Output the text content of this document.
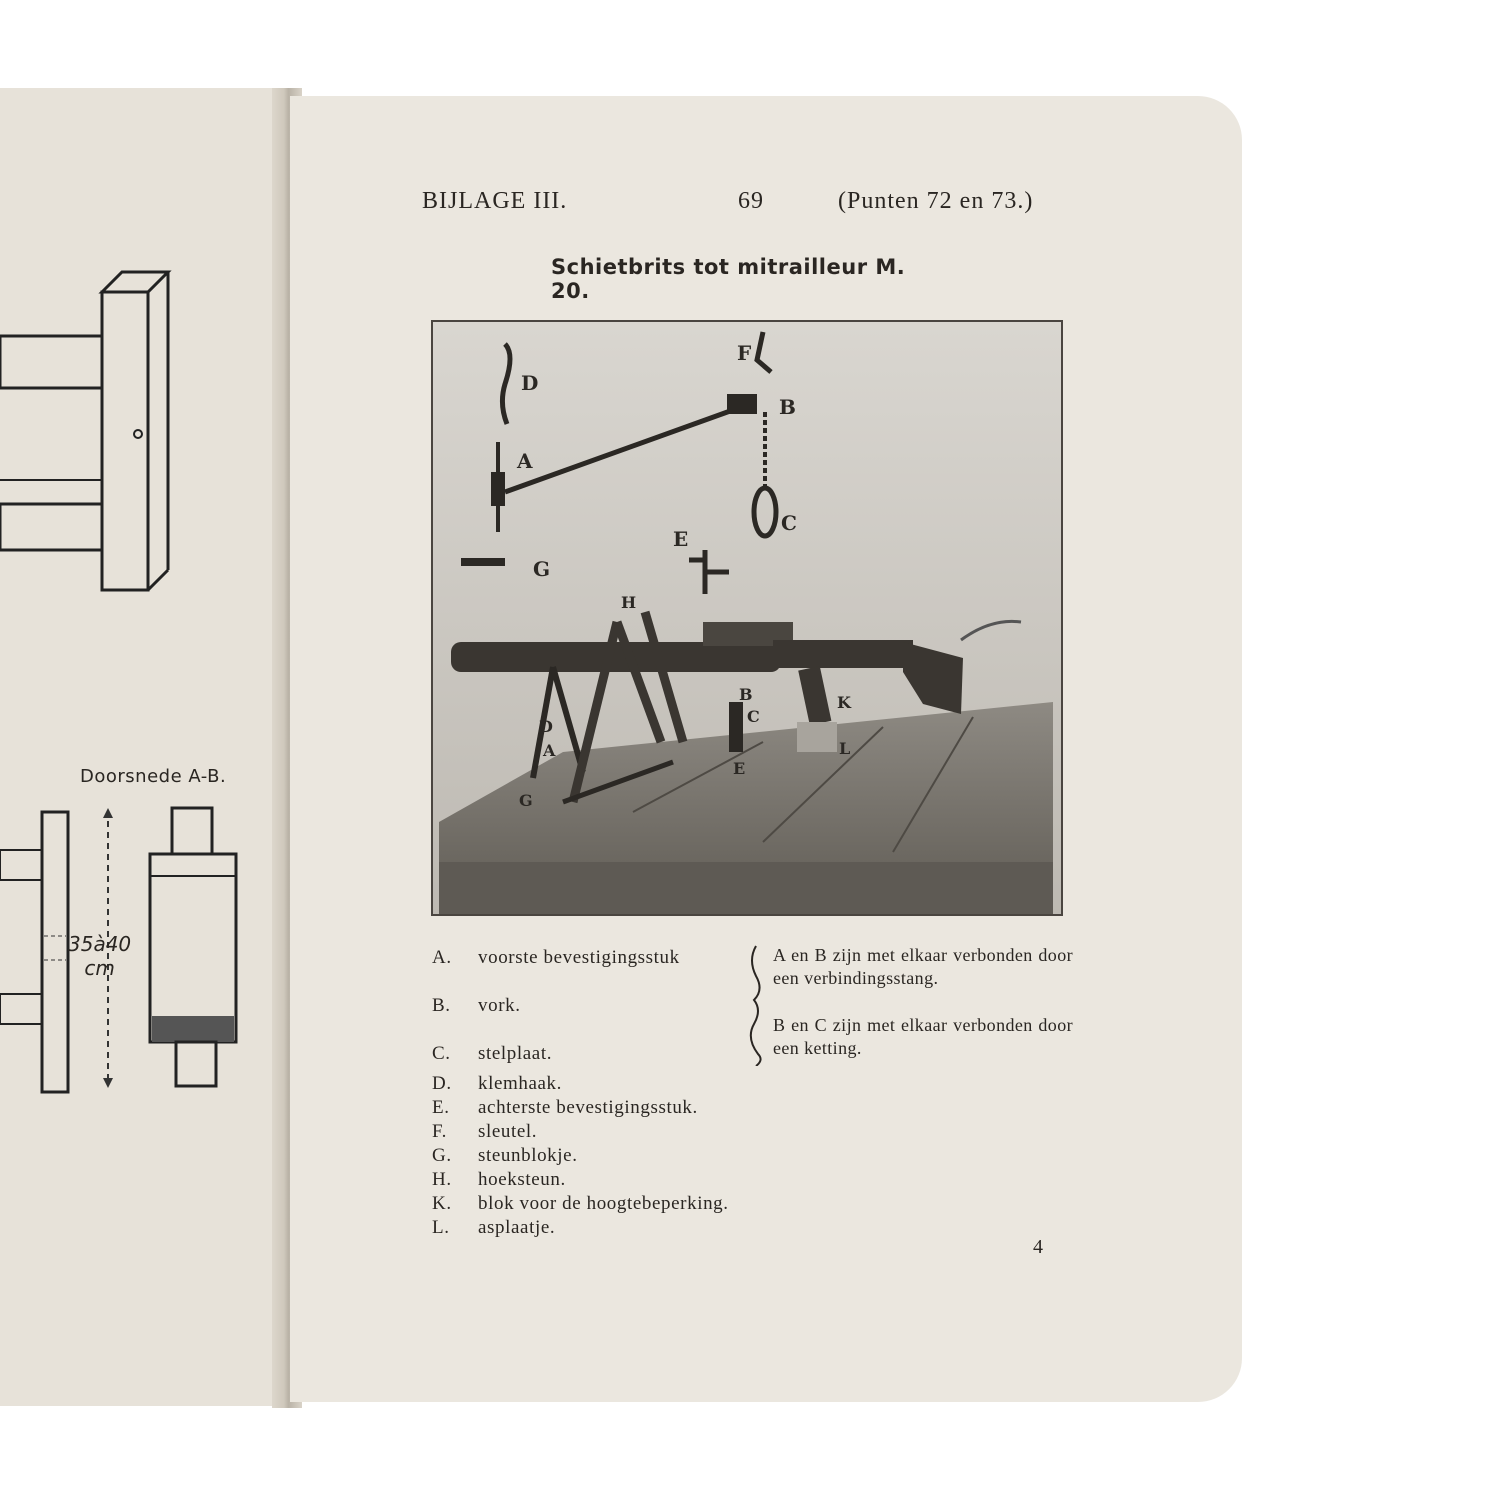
Doorsnede A-B.
35à40
cm
BIJLAGE III.	69	(Punten 72 en 73.)
Schietbrits tot mitrailleur M. 20.
A
B
C
D
E
F
G
H
B
C
D
A
E
G
K
L
A. voorste bevestigingsstuk
B. vork.
C. stelplaat.
D. klemhaak.
E. achterste bevestigingsstuk.
F. sleutel.
G. steunblokje.
H. hoeksteun.
K. blok voor de hoogtebeperking.
L. asplaatje.
A en B zijn met elkaar verbonden door een verbindingsstang.
B en C zijn met elkaar verbonden door een ketting.
4
